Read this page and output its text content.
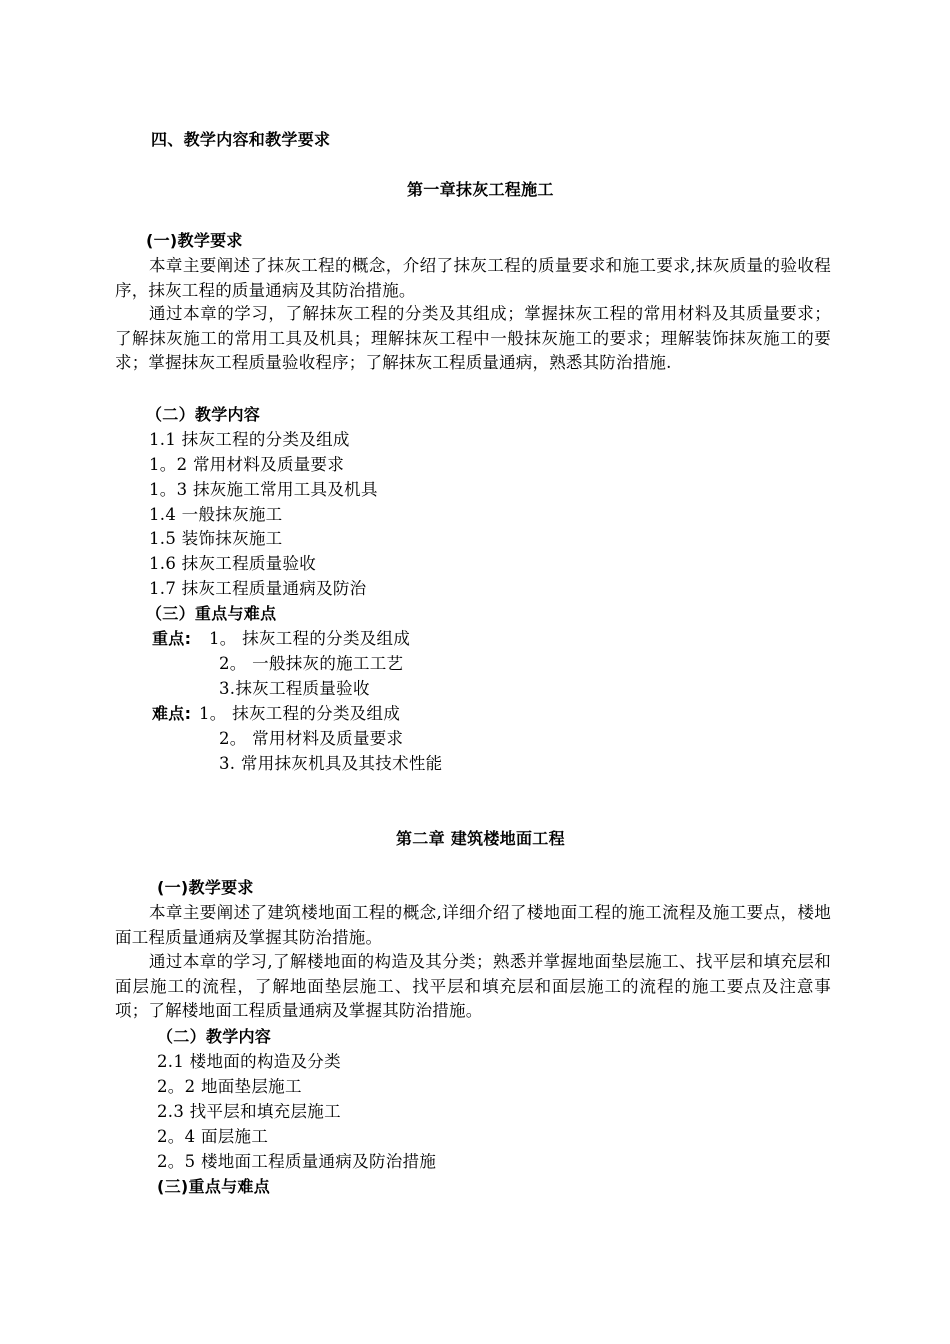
四、教学内容和教学要求
第一章抹灰工程施工
(一)教学要求
本章主要阐述了抹灰工程的概念，介绍了抹灰工程的质量要求和施工要求,抹灰质量的验收程序，抹灰工程的质量通病及其防治措施。
通过本章的学习，了解抹灰工程的分类及其组成；掌握抹灰工程的常用材料及其质量要求；了解抹灰施工的常用工具及机具；理解抹灰工程中一般抹灰施工的要求；理解装饰抹灰施工的要求；掌握抹灰工程质量验收程序；了解抹灰工程质量通病，熟悉其防治措施.
（二）教学内容
1.1 抹灰工程的分类及组成
1。2 常用材料及质量要求
1。3 抹灰施工常用工具及机具
1.4 一般抹灰施工
1.5 装饰抹灰施工
1.6 抹灰工程质量验收
1.7 抹灰工程质量通病及防治
（三）重点与难点
重点: 1。 抹灰工程的分类及组成
2。 一般抹灰的施工工艺
3.抹灰工程质量验收
难点: 1。 抹灰工程的分类及组成
2。 常用材料及质量要求
3. 常用抹灰机具及其技术性能
第二章 建筑楼地面工程
(一)教学要求
本章主要阐述了建筑楼地面工程的概念,详细介绍了楼地面工程的施工流程及施工要点，楼地面工程质量通病及掌握其防治措施。
通过本章的学习,了解楼地面的构造及其分类；熟悉并掌握地面垫层施工、找平层和填充层和面层施工的流程，了解地面垫层施工、找平层和填充层和面层施工的流程的施工要点及注意事项；了解楼地面工程质量通病及掌握其防治措施。
（二）教学内容
2.1 楼地面的构造及分类
2。2 地面垫层施工
2.3 找平层和填充层施工
2。4 面层施工
2。5 楼地面工程质量通病及防治措施
(三)重点与难点
